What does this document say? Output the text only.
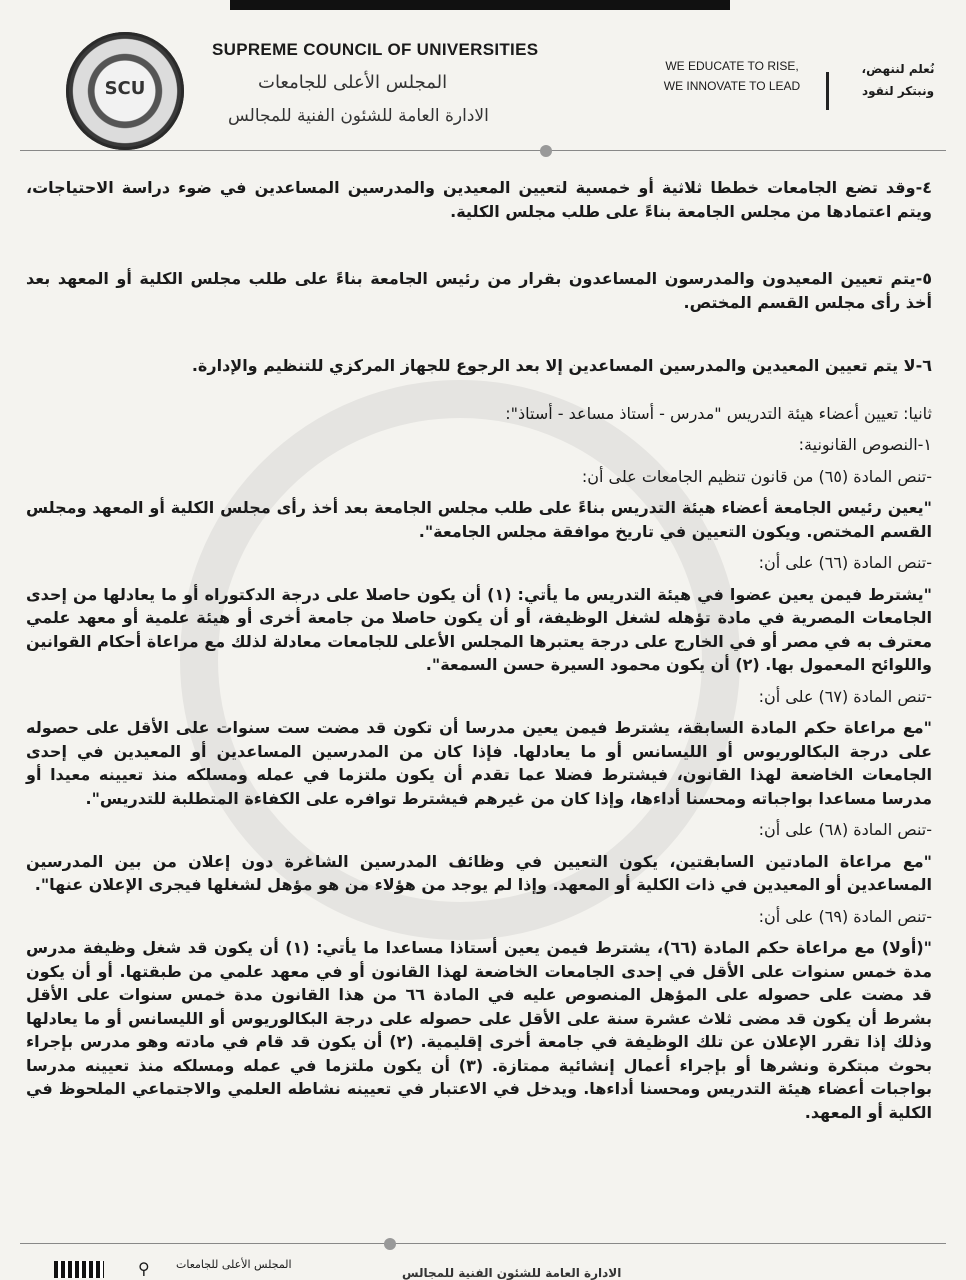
SCU
SUPREME COUNCIL OF UNIVERSITIES
المجلس الأعلى للجامعات
الادارة العامة للشئون الفنية للمجالس
WE EDUCATE TO RISE,
WE INNOVATE TO LEAD
نُعلم لننهض،
ونبتكر لنقود

٤-وقد تضع الجامعات خططا ثلاثية أو خمسية لتعيين المعيدين والمدرسين المساعدين في ضوء دراسة الاحتياجات، ويتم اعتمادها من مجلس الجامعة بناءً على طلب مجلس الكلية.

٥-يتم تعيين المعيدون والمدرسون المساعدون بقرار من رئيس الجامعة بناءً على طلب مجلس الكلية أو المعهد بعد أخذ رأى مجلس القسم المختص.

٦-لا يتم تعيين المعيدين والمدرسين المساعدين إلا بعد الرجوع للجهاز المركزي للتنظيم والإدارة.

ثانيا: تعيين أعضاء هيئة التدريس "مدرس - أستاذ مساعد - أستاذ":

١-النصوص القانونية:

-تنص المادة (٦٥) من قانون تنظيم الجامعات على أن:

"يعين رئيس الجامعة أعضاء هيئة التدريس بناءً على طلب مجلس الجامعة بعد أخذ رأى مجلس الكلية أو المعهد ومجلس القسم المختص. ويكون التعيين في تاريخ موافقة مجلس الجامعة".

-تنص المادة (٦٦) على أن:

"يشترط فيمن يعين عضوا في هيئة التدريس ما يأتي: (١) أن يكون حاصلا على درجة الدكتوراه أو ما يعادلها من إحدى الجامعات المصرية في مادة تؤهله لشغل الوظيفة، أو أن يكون حاصلا من جامعة أخرى أو هيئة علمية أو معهد علمي معترف به في مصر أو في الخارج على درجة يعتبرها المجلس الأعلى للجامعات معادلة لذلك مع مراعاة أحكام القوانين واللوائح المعمول بها. (٢) أن يكون محمود السيرة حسن السمعة".

-تنص المادة (٦٧) على أن:

"مع مراعاة حكم المادة السابقة، يشترط فيمن يعين مدرسا أن تكون قد مضت ست سنوات على الأقل على حصوله على درجة البكالوريوس أو الليسانس أو ما يعادلها. فإذا كان من المدرسين المساعدين أو المعيدين في إحدى الجامعات الخاضعة لهذا القانون، فيشترط فضلا عما تقدم أن يكون ملتزما في عمله ومسلكه منذ تعيينه معيدا أو مدرسا مساعدا بواجباته ومحسنا أداءها، وإذا كان من غيرهم فيشترط توافره على الكفاءة المتطلبة للتدريس".

-تنص المادة (٦٨) على أن:

"مع مراعاة المادتين السابقتين، يكون التعيين في وظائف المدرسين الشاغرة دون إعلان من بين المدرسين المساعدين أو المعيدين في ذات الكلية أو المعهد. وإذا لم يوجد من هؤلاء من هو مؤهل لشغلها فيجرى الإعلان عنها".

-تنص المادة (٦٩) على أن:

"(أولا) مع مراعاة حكم المادة (٦٦)، يشترط فيمن يعين أستاذا مساعدا ما يأتي: (١) أن يكون قد شغل وظيفة مدرس مدة خمس سنوات على الأقل في إحدى الجامعات الخاضعة لهذا القانون أو في معهد علمي من طبقتها. أو أن يكون قد مضت على حصوله على المؤهل المنصوص عليه في المادة ٦٦ من هذا القانون مدة خمس سنوات على الأقل بشرط أن يكون قد مضى ثلاث عشرة سنة على الأقل على حصوله على درجة البكالوريوس أو الليسانس أو ما يعادلها وذلك إذا تقرر الإعلان عن تلك الوظيفة في جامعة أخرى إقليمية. (٢) أن يكون قد قام في مادته وهو مدرس بإجراء بحوث مبتكرة ونشرها أو بإجراء أعمال إنشائية ممتازة. (٣) أن يكون ملتزما في عمله ومسلكه منذ تعيينه مدرسا بواجبات أعضاء هيئة التدريس ومحسنا أداءها. ويدخل في الاعتبار في تعيينه نشاطه العلمي والاجتماعي الملحوظ في الكلية أو المعهد.

⚲ المجلس الأعلى للجامعات
الادارة العامة للشئون الفنية للمجالس
